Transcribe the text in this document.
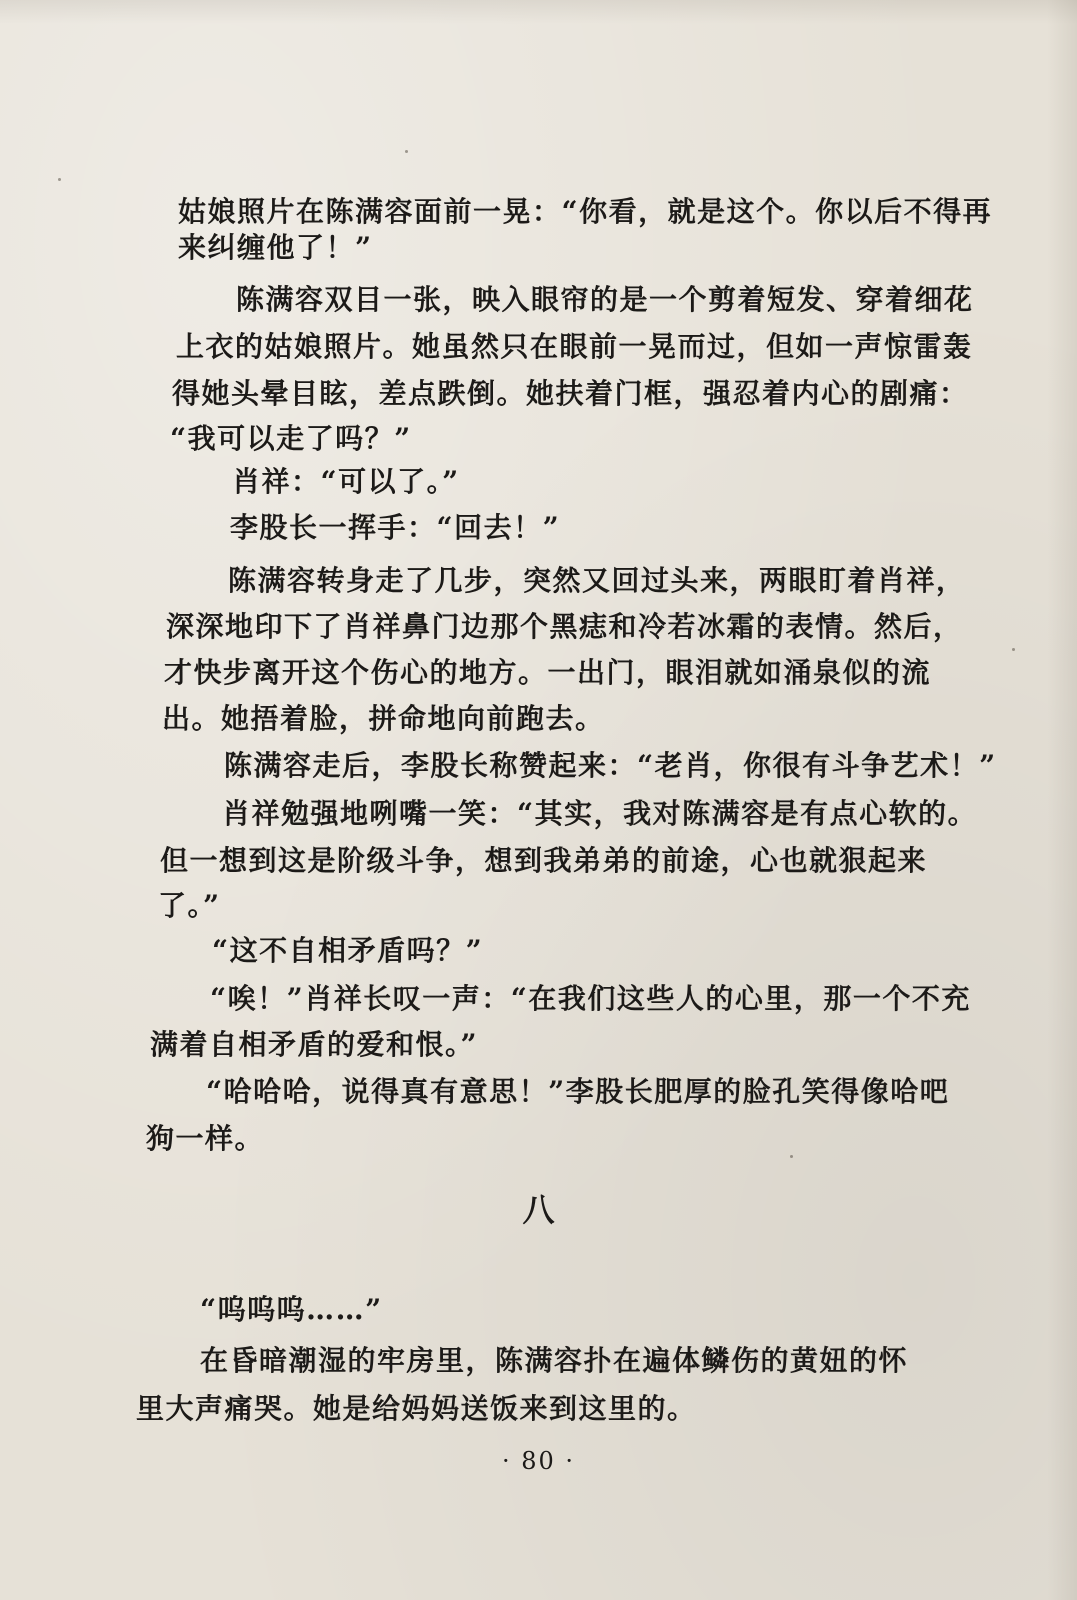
姑娘照片在陈满容面前一晃：“你看，就是这个。你以后不得再
来纠缠他了！”
陈满容双目一张，映入眼帘的是一个剪着短发、穿着细花
上衣的姑娘照片。她虽然只在眼前一晃而过，但如一声惊雷轰
得她头晕目眩，差点跌倒。她扶着门框，强忍着内心的剧痛：
“我可以走了吗？”
肖祥：“可以了。”
李股长一挥手：“回去！”
陈满容转身走了几步，突然又回过头来，两眼盯着肖祥，
深深地印下了肖祥鼻门边那个黑痣和冷若冰霜的表情。然后，
才快步离开这个伤心的地方。一出门，眼泪就如涌泉似的流
出。她捂着脸，拼命地向前跑去。
陈满容走后，李股长称赞起来：“老肖，你很有斗争艺术！”
肖祥勉强地咧嘴一笑：“其实，我对陈满容是有点心软的。
但一想到这是阶级斗争，想到我弟弟的前途，心也就狠起来
了。”
“这不自相矛盾吗？”
“唉！”肖祥长叹一声：“在我们这些人的心里，那一个不充
满着自相矛盾的爱和恨。”
“哈哈哈，说得真有意思！”李股长肥厚的脸孔笑得像哈吧
狗一样。
八
“呜呜呜……”
在昏暗潮湿的牢房里，陈满容扑在遍体鳞伤的黄妞的怀
里大声痛哭。她是给妈妈送饭来到这里的。
· 80 ·
